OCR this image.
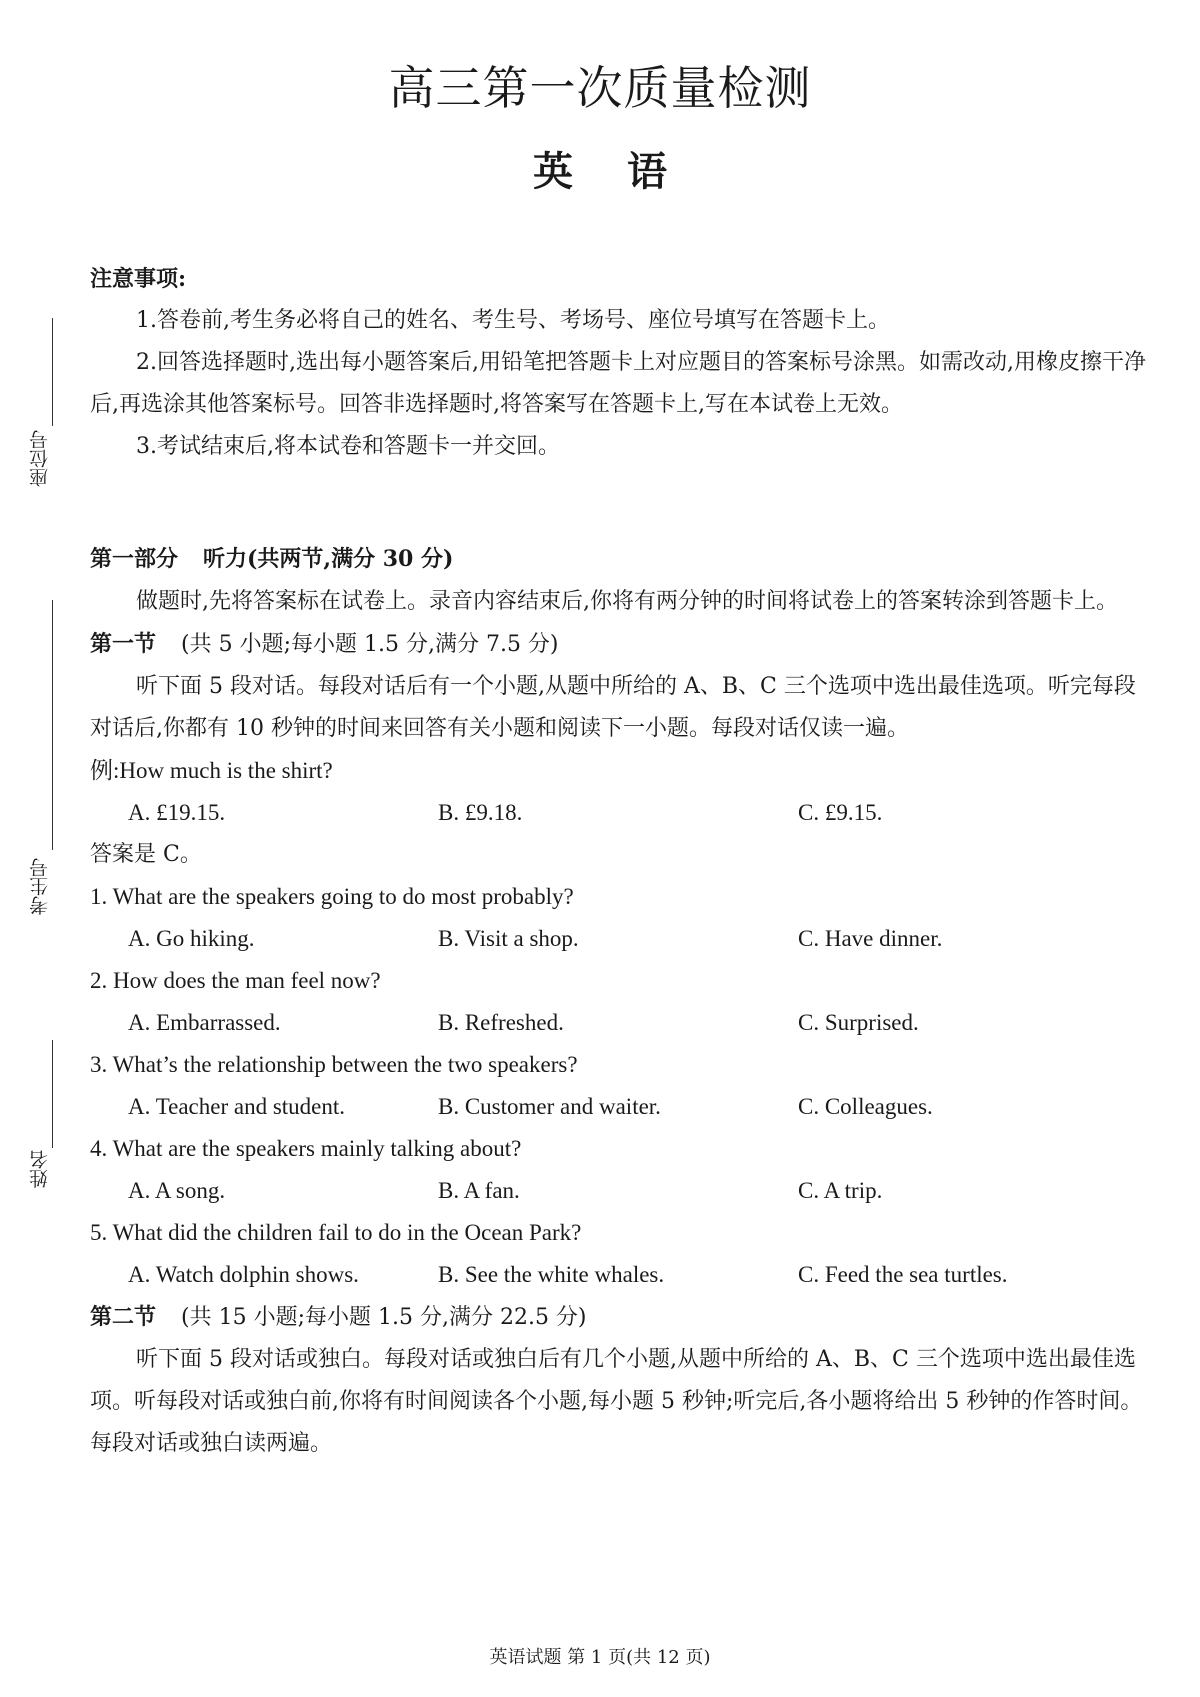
高三第一次质量检测
英 语
座位号
考生号
姓名
注意事项:
1.答卷前,考生务必将自己的姓名、考生号、考场号、座位号填写在答题卡上。
2.回答选择题时,选出每小题答案后,用铅笔把答题卡上对应题目的答案标号涂黑。如需改动,用橡皮擦干净后,再选涂其他答案标号。回答非选择题时,将答案写在答题卡上,写在本试卷上无效。
3.考试结束后,将本试卷和答题卡一并交回。
第一部分 听力(共两节,满分 30 分)
做题时,先将答案标在试卷上。录音内容结束后,你将有两分钟的时间将试卷上的答案转涂到答题卡上。
第一节 (共 5 小题;每小题 1.5 分,满分 7.5 分)
听下面 5 段对话。每段对话后有一个小题,从题中所给的 A、B、C 三个选项中选出最佳选项。听完每段对话后,你都有 10 秒钟的时间来回答有关小题和阅读下一小题。每段对话仅读一遍。
例:How much is the shirt?
A. £19.15.	B. £9.18.	C. £9.15.
答案是 C。
1. What are the speakers going to do most probably?
A. Go hiking.	B. Visit a shop.	C. Have dinner.
2. How does the man feel now?
A. Embarrassed.	B. Refreshed.	C. Surprised.
3. What’s the relationship between the two speakers?
A. Teacher and student.	B. Customer and waiter.	C. Colleagues.
4. What are the speakers mainly talking about?
A. A song.	B. A fan.	C. A trip.
5. What did the children fail to do in the Ocean Park?
A. Watch dolphin shows.	B. See the white whales.	C. Feed the sea turtles.
第二节 (共 15 小题;每小题 1.5 分,满分 22.5 分)
听下面 5 段对话或独白。每段对话或独白后有几个小题,从题中所给的 A、B、C 三个选项中选出最佳选项。听每段对话或独白前,你将有时间阅读各个小题,每小题 5 秒钟;听完后,各小题将给出 5 秒钟的作答时间。每段对话或独白读两遍。
英语试题 第 1 页(共 12 页)
